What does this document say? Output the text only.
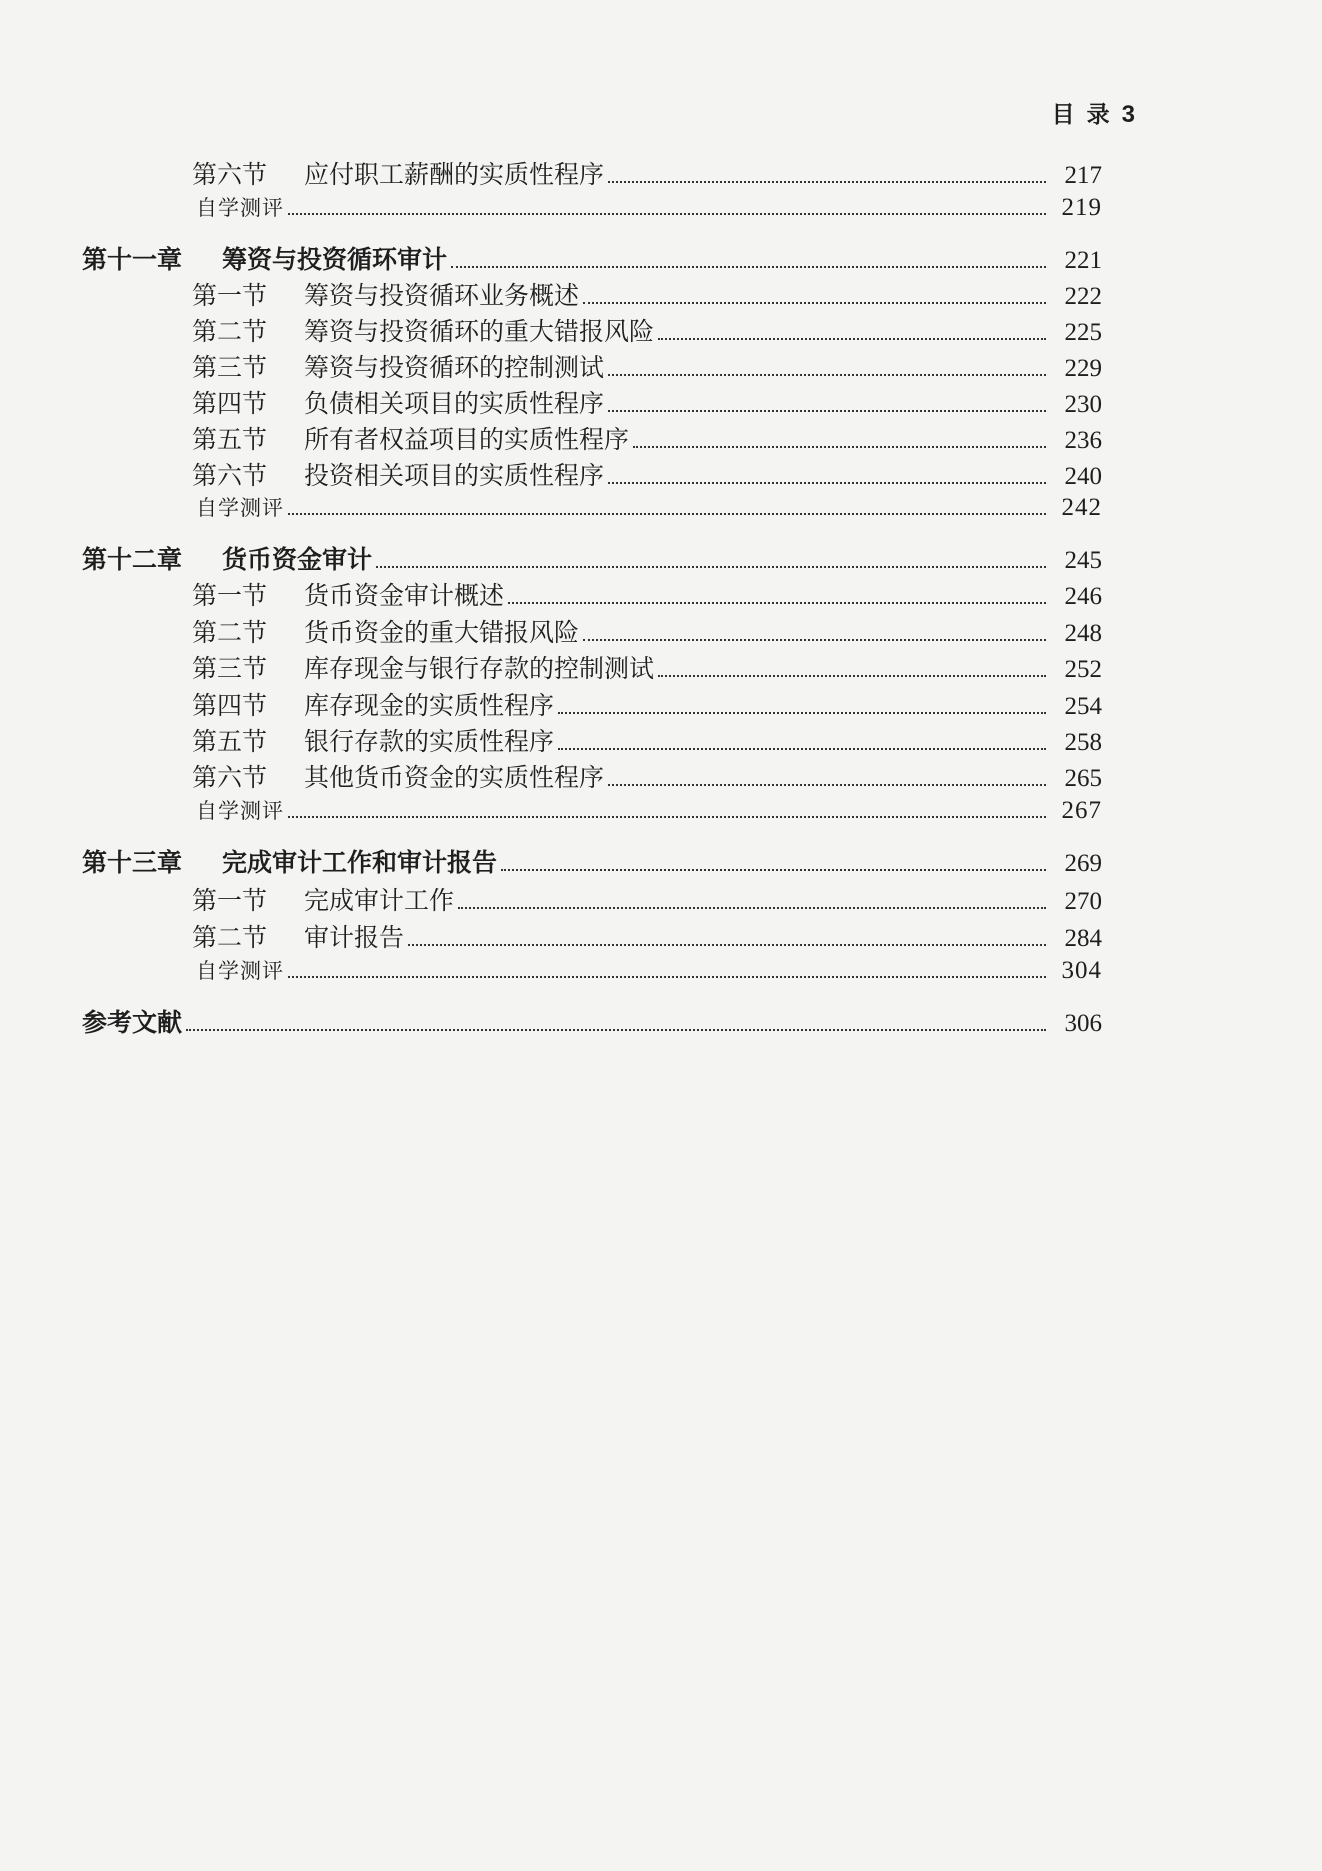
目 录 3
第六节 应付职工薪酬的实质性程序	217
自学测评	219
第十一章 筹资与投资循环审计	221
第一节 筹资与投资循环业务概述	222
第二节 筹资与投资循环的重大错报风险	225
第三节 筹资与投资循环的控制测试	229
第四节 负债相关项目的实质性程序	230
第五节 所有者权益项目的实质性程序	236
第六节 投资相关项目的实质性程序	240
自学测评	242
第十二章 货币资金审计	245
第一节 货币资金审计概述	246
第二节 货币资金的重大错报风险	248
第三节 库存现金与银行存款的控制测试	252
第四节 库存现金的实质性程序	254
第五节 银行存款的实质性程序	258
第六节 其他货币资金的实质性程序	265
自学测评	267
第十三章 完成审计工作和审计报告	269
第一节 完成审计工作	270
第二节 审计报告	284
自学测评	304
参考文献	306
